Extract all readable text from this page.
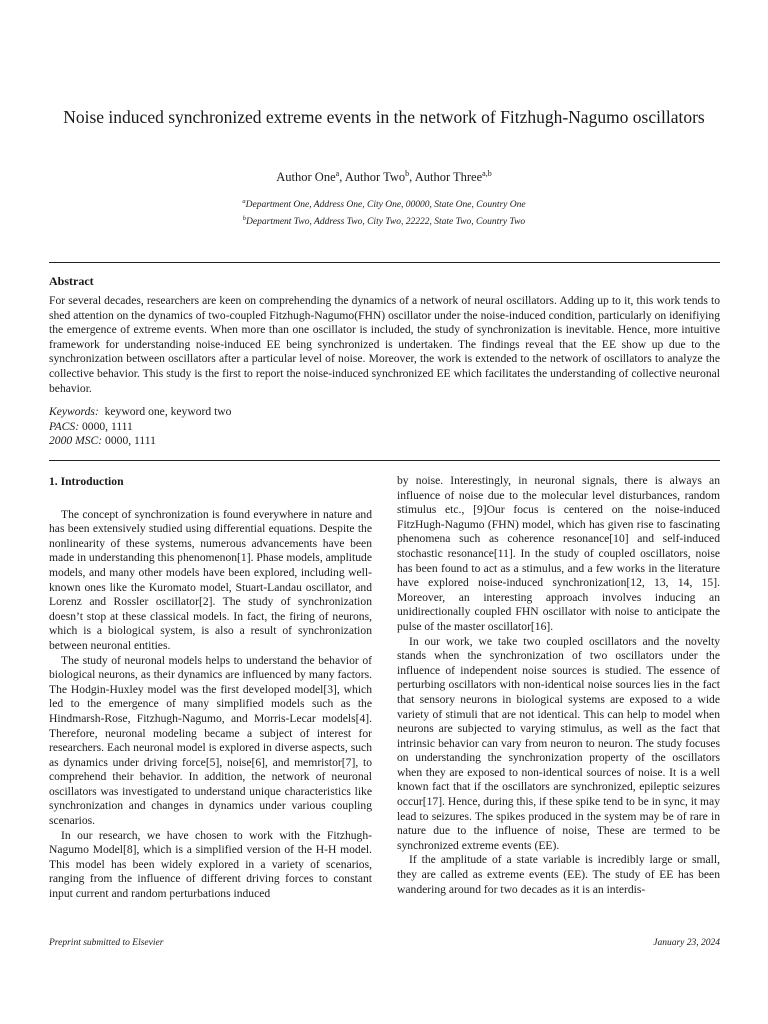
Noise induced synchronized extreme events in the network of Fitzhugh-Nagumo oscillators
Author One$^a$, Author Two$^b$, Author Three$^{a,b}$
$^a$Department One, Address One, City One, 00000, State One, Country One
$^b$Department Two, Address Two, City Two, 22222, State Two, Country Two
Abstract
For several decades, researchers are keen on comprehending the dynamics of a network of neural oscillators. Adding up to it, this work tends to shed attention on the dynamics of two-coupled Fitzhugh-Nagumo(FHN) oscillator under the noise-induced condition, particularly on idenifiying the emergence of extreme events. When more than one oscillator is included, the study of synchronization is inevitable. Hence, more intuitive framework for understanding noise-induced EE being synchronized is undertaken. The findings reveal that the EE show up due to the synchronization between oscillators after a particular level of noise. Moreover, the work is extended to the network of oscillators to analyze the collective behavior. This study is the first to report the noise-induced synchronized EE which facilitates the understanding of collective neuronal behavior.
Keywords: keyword one, keyword two
PACS: 0000, 1111
2000 MSC: 0000, 1111
1. Introduction

The concept of synchronization is found everywhere in nature and has been extensively studied using differential equations. Despite the nonlinearity of these systems, numerous advancements have been made in understanding this phenomenon[1]. Phase models, amplitude models, and many other models have been explored, including well-known ones like the Kuromato model, Stuart-Landau oscillator, and Lorenz and Rossler oscillator[2]. The study of synchronization doesn’t stop at these classical models. In fact, the firing of neurons, which is a biological system, is also a result of synchronization between neuronal entities.

The study of neuronal models helps to understand the behavior of biological neurons, as their dynamics are influenced by many factors. The Hodgin-Huxley model was the first developed model[3], which led to the emergence of many simplified models such as the Hindmarsh-Rose, Fitzhugh-Nagumo, and Morris-Lecar models[4]. Therefore, neuronal modeling became a subject of interest for researchers. Each neuronal model is explored in diverse aspects, such as dynamics under driving force[5], noise[6], and memristor[7], to comprehend their behavior. In addition, the network of neuronal oscillators was investigated to understand unique characteristics like synchronization and changes in dynamics under various coupling scenarios.

In our research, we have chosen to work with the Fitzhugh-Nagumo Model[8], which is a simplified version of the H-H model. This model has been widely explored in a variety of scenarios, ranging from the influence of different driving forces to constant input current and random perturbations induced

by noise. Interestingly, in neuronal signals, there is always an influence of noise due to the molecular level disturbances, random stimulus etc., [9]Our focus is centered on the noise-induced FitzHugh-Nagumo (FHN) model, which has given rise to fascinating phenomena such as coherence resonance[10] and self-induced stochastic resonance[11]. In the study of coupled oscillators, noise has been found to act as a stimulus, and a few works in the literature have explored noise-induced synchronization[12, 13, 14, 15]. Moreover, an interesting approach involves inducing an unidirectionally coupled FHN oscillator with noise to anticipate the pulse of the master oscillator[16].

In our work, we take two coupled oscillators and the novelty stands when the synchronization of two oscillators under the influence of independent noise sources is studied. The essence of perturbing oscillators with non-identical noise sources lies in the fact that sensory neurons in biological systems are exposed to a wide variety of stimuli that are not identical. This can help to model when neurons are subjected to varying stimulus, as well as the fact that intrinsic behavior can vary from neuron to neuron. The study focuses on understanding the synchronization property of the oscillators when they are exposed to non-identical sources of noise. It is a well known fact that if the oscillators are synchronized, epileptic seizures occur[17]. Hence, during this, if these spike tend to be in sync, it may lead to seizures. The spikes produced in the system may be of rare in nature due to the influence of noise, These are termed to be synchronized extreme events (EE).

If the amplitude of a state variable is incredibly large or small, they are called as extreme events (EE). The study of EE has been wandering around for two decades as it is an interdis-

Preprint submitted to Elsevier	January 23, 2024
